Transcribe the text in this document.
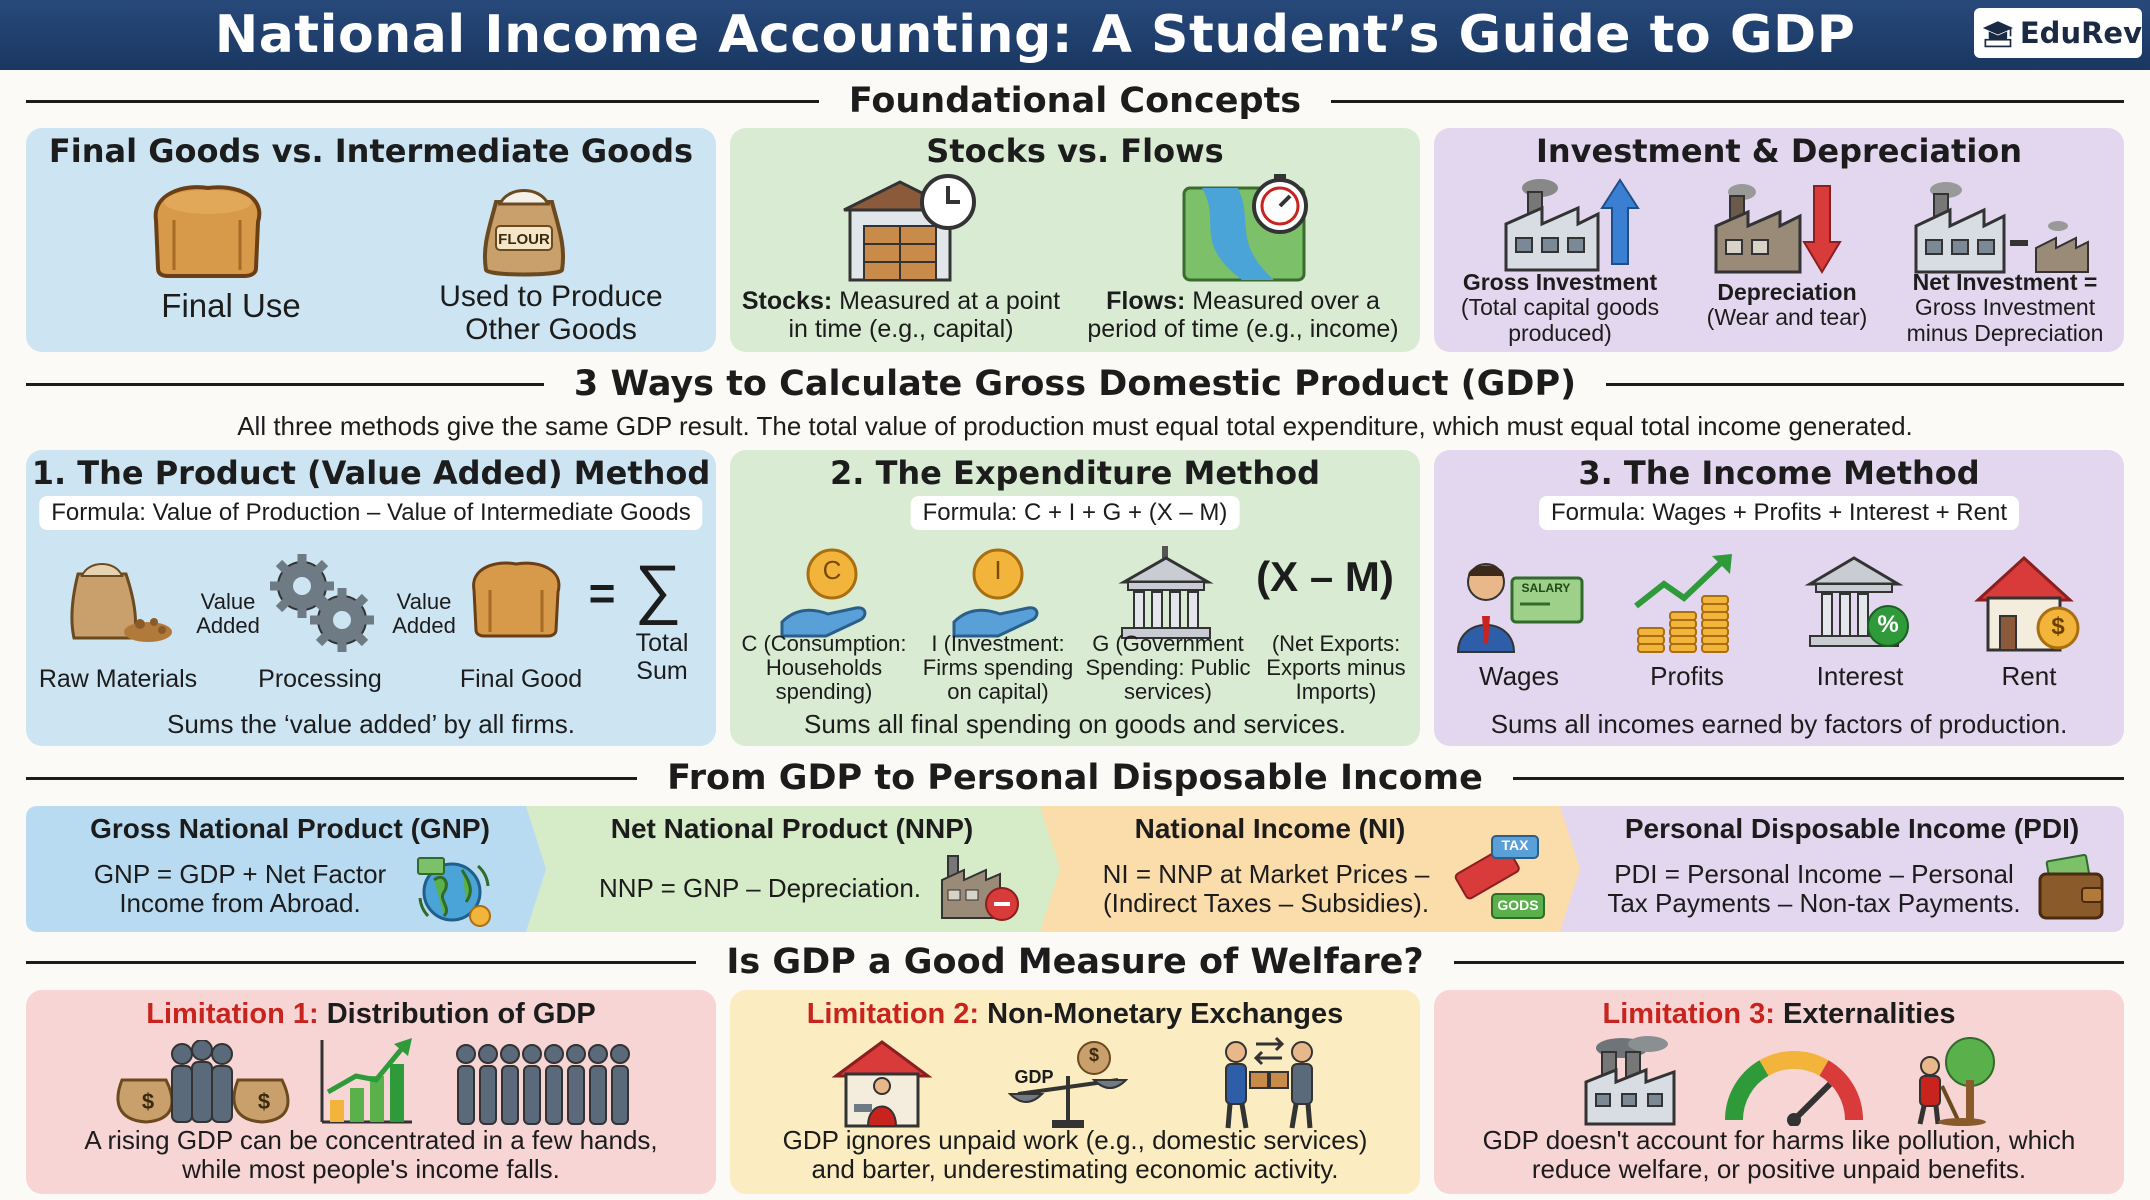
National Income Accounting: A Student’s Guide to GDP	EduRev
Foundational Concepts
Final Goods vs. Intermediate Goods
Final Use
FLOUR
Used to Produce Other Goods
Stocks vs. Flows
Stocks: Measured at a point in time (e.g., capital)
Flows: Measured over a period of time (e.g., income)
Investment & Depreciation
Gross Investment
(Total capital goods produced)
Depreciation
(Wear and tear)
Net Investment =
Gross Investment minus Depreciation
3 Ways to Calculate Gross Domestic Product (GDP)
All three methods give the same GDP result. The total value of production must equal total expenditure, which must equal total income generated.
1. The Product (Value Added) Method
Formula: Value of Production – Value of Intermediate Goods
Value Added
Value Added
= ∑
Total Sum
Raw Materials	Processing	Final Good
Sums the ‘value added’ by all firms.
2. The Expenditure Method
Formula: C + I + G + (X – M)
C	I	(X – M)
C (Consumption: Households spending)
I (Investment: Firms spending on capital)
G (Government Spending: Public services)
(Net Exports: Exports minus Imports)
Sums all final spending on goods and services.
3. The Income Method
Formula: Wages + Profits + Interest + Rent
SALARY
%	$
Wages	Profits	Interest	Rent
Sums all incomes earned by factors of production.
From GDP to Personal Disposable Income
Gross National Product (GNP)
GNP = GDP + Net Factor Income from Abroad.
Net National Product (NNP)
NNP = GNP – Depreciation.
National Income (NI)
NI = NNP at Market Prices – (Indirect Taxes – Subsidies).
TAX
GODS
Personal Disposable Income (PDI)
PDI = Personal Income – Personal Tax Payments – Non-tax Payments.
Is GDP a Good Measure of Welfare?
Limitation 1: Distribution of GDP
$	$
A rising GDP can be concentrated in a few hands, while most people's income falls.
Limitation 2: Non-Monetary Exchanges
GDP
$
GDP ignores unpaid work (e.g., domestic services) and barter, underestimating economic activity.
Limitation 3: Externalities
GDP doesn't account for harms like pollution, which reduce welfare, or positive unpaid benefits.
